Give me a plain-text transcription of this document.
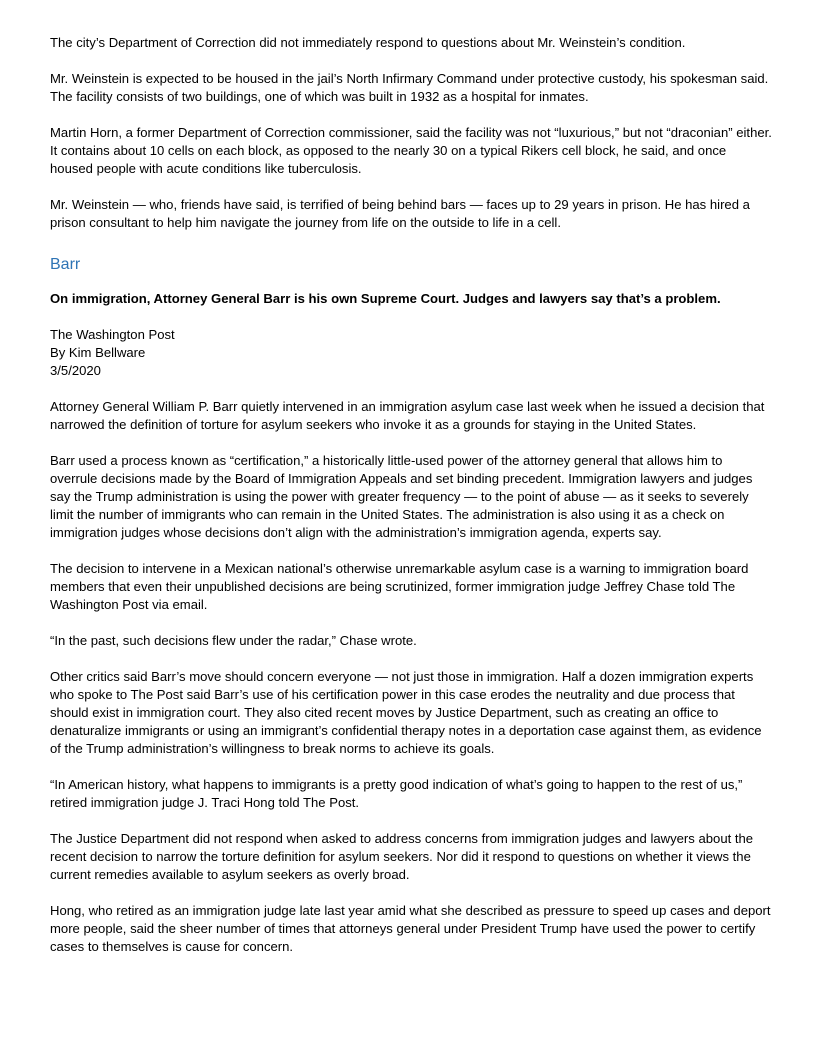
The city’s Department of Correction did not immediately respond to questions about Mr. Weinstein’s condition.

Mr. Weinstein is expected to be housed in the jail’s North Infirmary Command under protective custody, his spokesman said. The facility consists of two buildings, one of which was built in 1932 as a hospital for inmates.

Martin Horn, a former Department of Correction commissioner, said the facility was not “luxurious,” but not “draconian” either. It contains about 10 cells on each block, as opposed to the nearly 30 on a typical Rikers cell block, he said, and once housed people with acute conditions like tuberculosis.

Mr. Weinstein — who, friends have said, is terrified of being behind bars — faces up to 29 years in prison. He has hired a prison consultant to help him navigate the journey from life on the outside to life in a cell.

Barr

On immigration, Attorney General Barr is his own Supreme Court. Judges and lawyers say that’s a problem.

The Washington Post
By Kim Bellware
3/5/2020

Attorney General William P. Barr quietly intervened in an immigration asylum case last week when he issued a decision that narrowed the definition of torture for asylum seekers who invoke it as a grounds for staying in the United States.

Barr used a process known as “certification,” a historically little-used power of the attorney general that allows him to overrule decisions made by the Board of Immigration Appeals and set binding precedent. Immigration lawyers and judges say the Trump administration is using the power with greater frequency — to the point of abuse — as it seeks to severely limit the number of immigrants who can remain in the United States. The administration is also using it as a check on immigration judges whose decisions don’t align with the administration’s immigration agenda, experts say.

The decision to intervene in a Mexican national’s otherwise unremarkable asylum case is a warning to immigration board members that even their unpublished decisions are being scrutinized, former immigration judge Jeffrey Chase told The Washington Post via email.

“In the past, such decisions flew under the radar,” Chase wrote.

Other critics said Barr’s move should concern everyone — not just those in immigration. Half a dozen immigration experts who spoke to The Post said Barr’s use of his certification power in this case erodes the neutrality and due process that should exist in immigration court. They also cited recent moves by Justice Department, such as creating an office to denaturalize immigrants or using an immigrant’s confidential therapy notes in a deportation case against them, as evidence of the Trump administration’s willingness to break norms to achieve its goals.

“In American history, what happens to immigrants is a pretty good indication of what’s going to happen to the rest of us,” retired immigration judge J. Traci Hong told The Post.

The Justice Department did not respond when asked to address concerns from immigration judges and lawyers about the recent decision to narrow the torture definition for asylum seekers. Nor did it respond to questions on whether it views the current remedies available to asylum seekers as overly broad.

Hong, who retired as an immigration judge late last year amid what she described as pressure to speed up cases and deport more people, said the sheer number of times that attorneys general under President Trump have used the power to certify cases to themselves is cause for concern.
